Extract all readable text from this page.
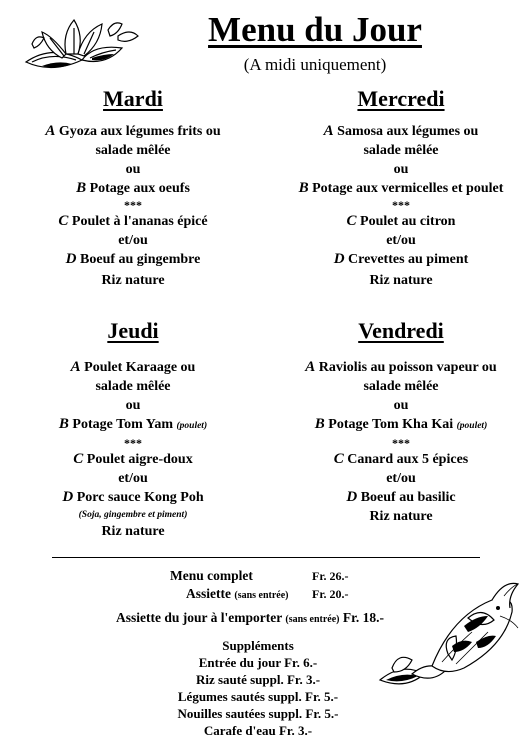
Menu du Jour
(A midi uniquement)
Mardi
A Gyoza aux légumes frits ou
salade mêlée
ou
B Potage aux oeufs
***
C Poulet à l'ananas épicé
et/ou
D Boeuf au gingembre
Riz nature
Mercredi
A Samosa aux légumes ou
salade mêlée
ou
B Potage aux vermicelles et poulet
***
C Poulet au citron
et/ou
D Crevettes au piment
Riz nature
Jeudi
A Poulet Karaage ou
salade mêlée
ou
B Potage Tom Yam (poulet)
***
C Poulet aigre-doux
et/ou
D Porc sauce Kong Poh
(Soja, gingembre et piment)
Riz nature
Vendredi
A Raviolis au poisson vapeur ou
salade mêlée
ou
B Potage Tom Kha Kai (poulet)
***
C Canard aux 5 épices
et/ou
D Boeuf au basilic
Riz nature
Menu complet	Fr. 26.-
Assiette (sans entrée) Fr. 20.-
Assiette du jour à l'emporter (sans entrée) Fr. 18.-
Suppléments
Entrée du jour Fr. 6.-
Riz sauté suppl. Fr. 3.-
Légumes sautés suppl. Fr. 5.-
Nouilles sautées suppl. Fr. 5.-
Carafe d'eau Fr. 3.-
